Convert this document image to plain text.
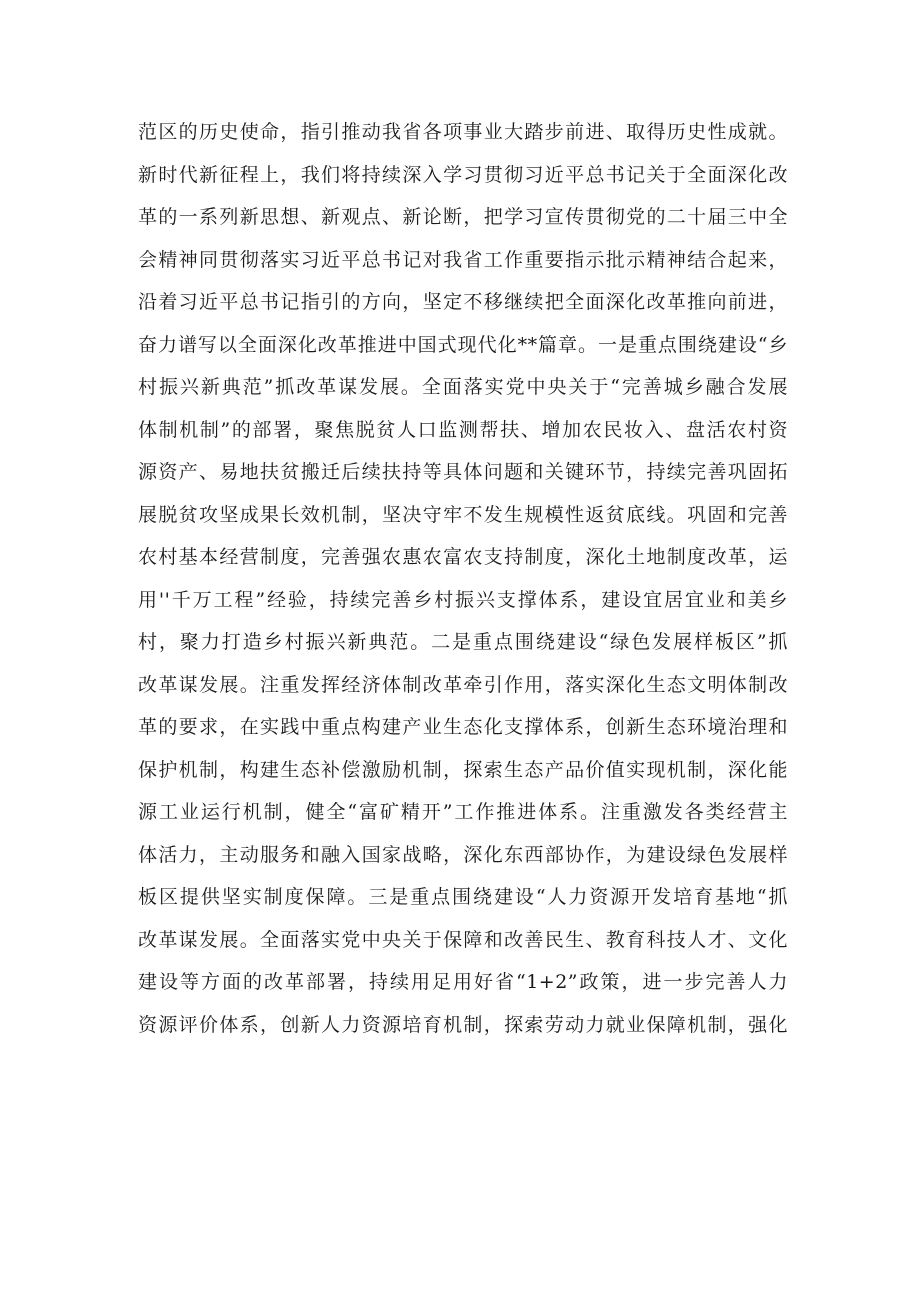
范区的历史使命，指引推动我省各项事业大踏步前进、取得历史性成就。
新时代新征程上，我们将持续深入学习贯彻习近平总书记关于全面深化改
革的一系列新思想、新观点、新论断，把学习宣传贯彻党的二十届三中全
会精神同贯彻落实习近平总书记对我省工作重要指示批示精神结合起来，
沿着习近平总书记指引的方向，坚定不移继续把全面深化改革推向前进，
奋力谱写以全面深化改革推进中国式现代化**篇章。一是重点围绕建设“乡
村振兴新典范”抓改革谋发展。全面落实党中央关于“完善城乡融合发展
体制机制”的部署，聚焦脱贫人口监测帮扶、增加农民妆入、盘活农村资
源资产、易地扶贫搬迁后续扶持等具体问题和关键环节，持续完善巩固拓
展脱贫攻坚成果长效机制，坚决守牢不发生规模性返贫底线。巩固和完善
农村基本经营制度，完善强农惠农富农支持制度，深化土地制度改革，运
用''千万工程”经验，持续完善乡村振兴支撑体系，建设宜居宜业和美乡
村，聚力打造乡村振兴新典范。二是重点围绕建设“绿色发展样板区”抓
改革谋发展。注重发挥经济体制改革牵引作用，落实深化生态文明体制改
革的要求，在实践中重点构建产业生态化支撑体系，创新生态环境治理和
保护机制，构建生态补偿激励机制，探索生态产品价值实现机制，深化能
源工业运行机制，健全“富矿精开”工作推进体系。注重激发各类经营主
体活力，主动服务和融入国家战略，深化东西部协作，为建设绿色发展样
板区提供坚实制度保障。三是重点围绕建设“人力资源开发培育基地“抓
改革谋发展。全面落实党中央关于保障和改善民生、教育科技人才、文化
建设等方面的改革部署，持续用足用好省“1+2”政策，进一步完善人力
资源评价体系，创新人力资源培育机制，探索劳动力就业保障机制，强化
